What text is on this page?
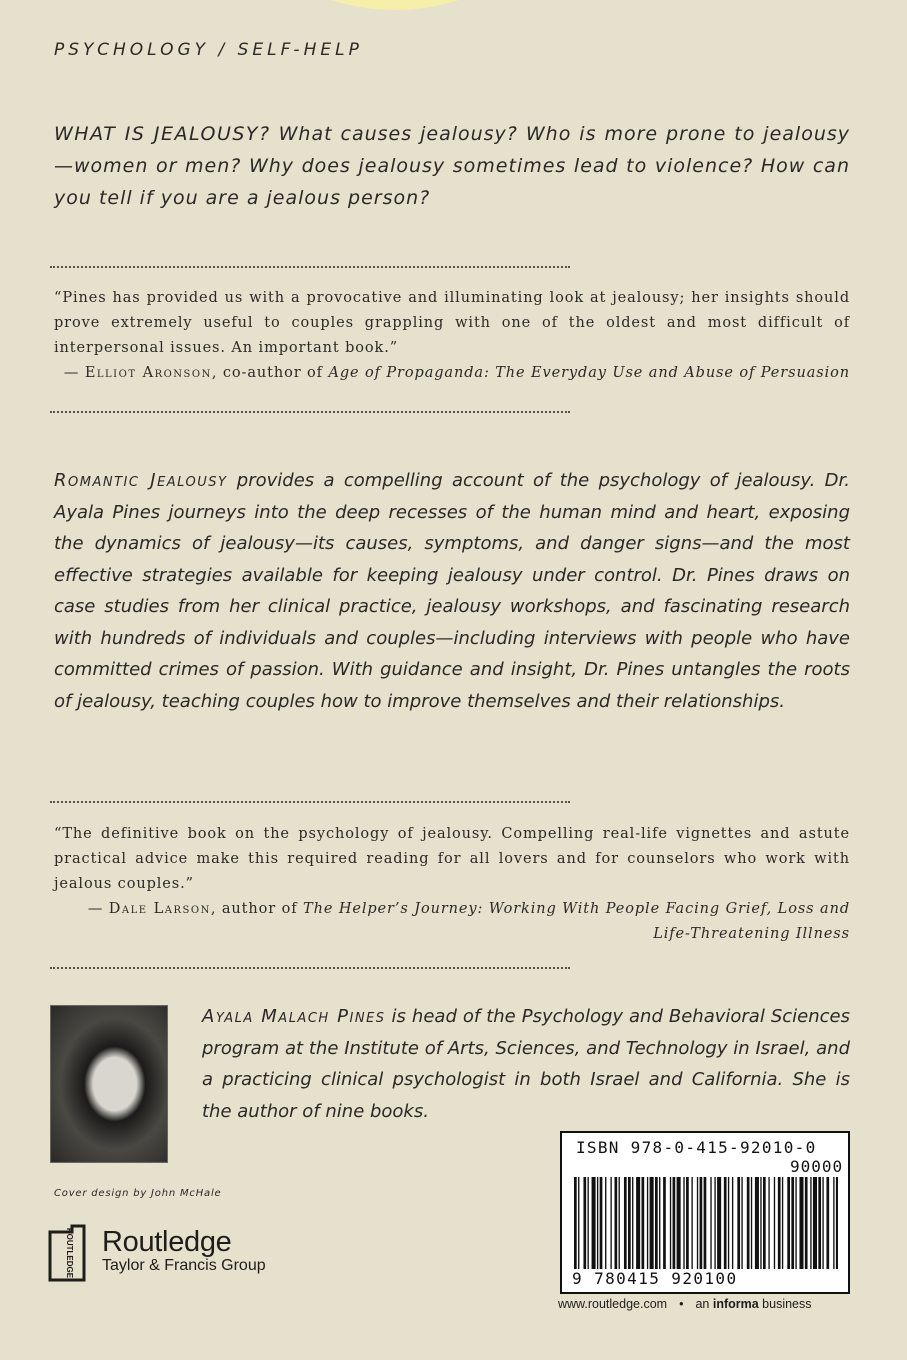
PSYCHOLOGY / SELF-HELP
WHAT IS JEALOUSY? What causes jealousy? Who is more prone to jealousy—women or men? Why does jealousy sometimes lead to violence? How can you tell if you are a jealous person?
“Pines has provided us with a provocative and illuminating look at jealousy; her insights should prove extremely useful to couples grappling with one of the oldest and most difficult of interpersonal issues. An important book.”
— Elliot Aronson, co-author of Age of Propaganda: The Everyday Use and Abuse of Persuasion
Romantic Jealousy provides a compelling account of the psychology of jealousy. Dr. Ayala Pines journeys into the deep recesses of the human mind and heart, exposing the dynamics of jealousy—its causes, symptoms, and danger signs—and the most effective strategies available for keeping jealousy under control. Dr. Pines draws on case studies from her clinical practice, jealousy workshops, and fascinating research with hundreds of individuals and couples—including interviews with people who have committed crimes of passion. With guidance and insight, Dr. Pines untangles the roots of jealousy, teaching couples how to improve themselves and their relationships.
“The definitive book on the psychology of jealousy. Compelling real-life vignettes and astute practical advice make this required reading for all lovers and for counselors who work with jealous couples.”
— Dale Larson, author of The Helper’s Journey: Working With People Facing Grief, Loss and Life-Threatening Illness
Ayala Malach Pines is head of the Psychology and Behavioral Sciences program at the Institute of Arts, Sciences, and Technology in Israel, and a practicing clinical psychologist in both Israel and California. She is the author of nine books.
Cover design by John McHale
ROUTLEDGE Routledge
Taylor & Francis Group
ISBN 978-0-415-92010-0
90000
9 780415 920100
www.routledge.com • an informa business
